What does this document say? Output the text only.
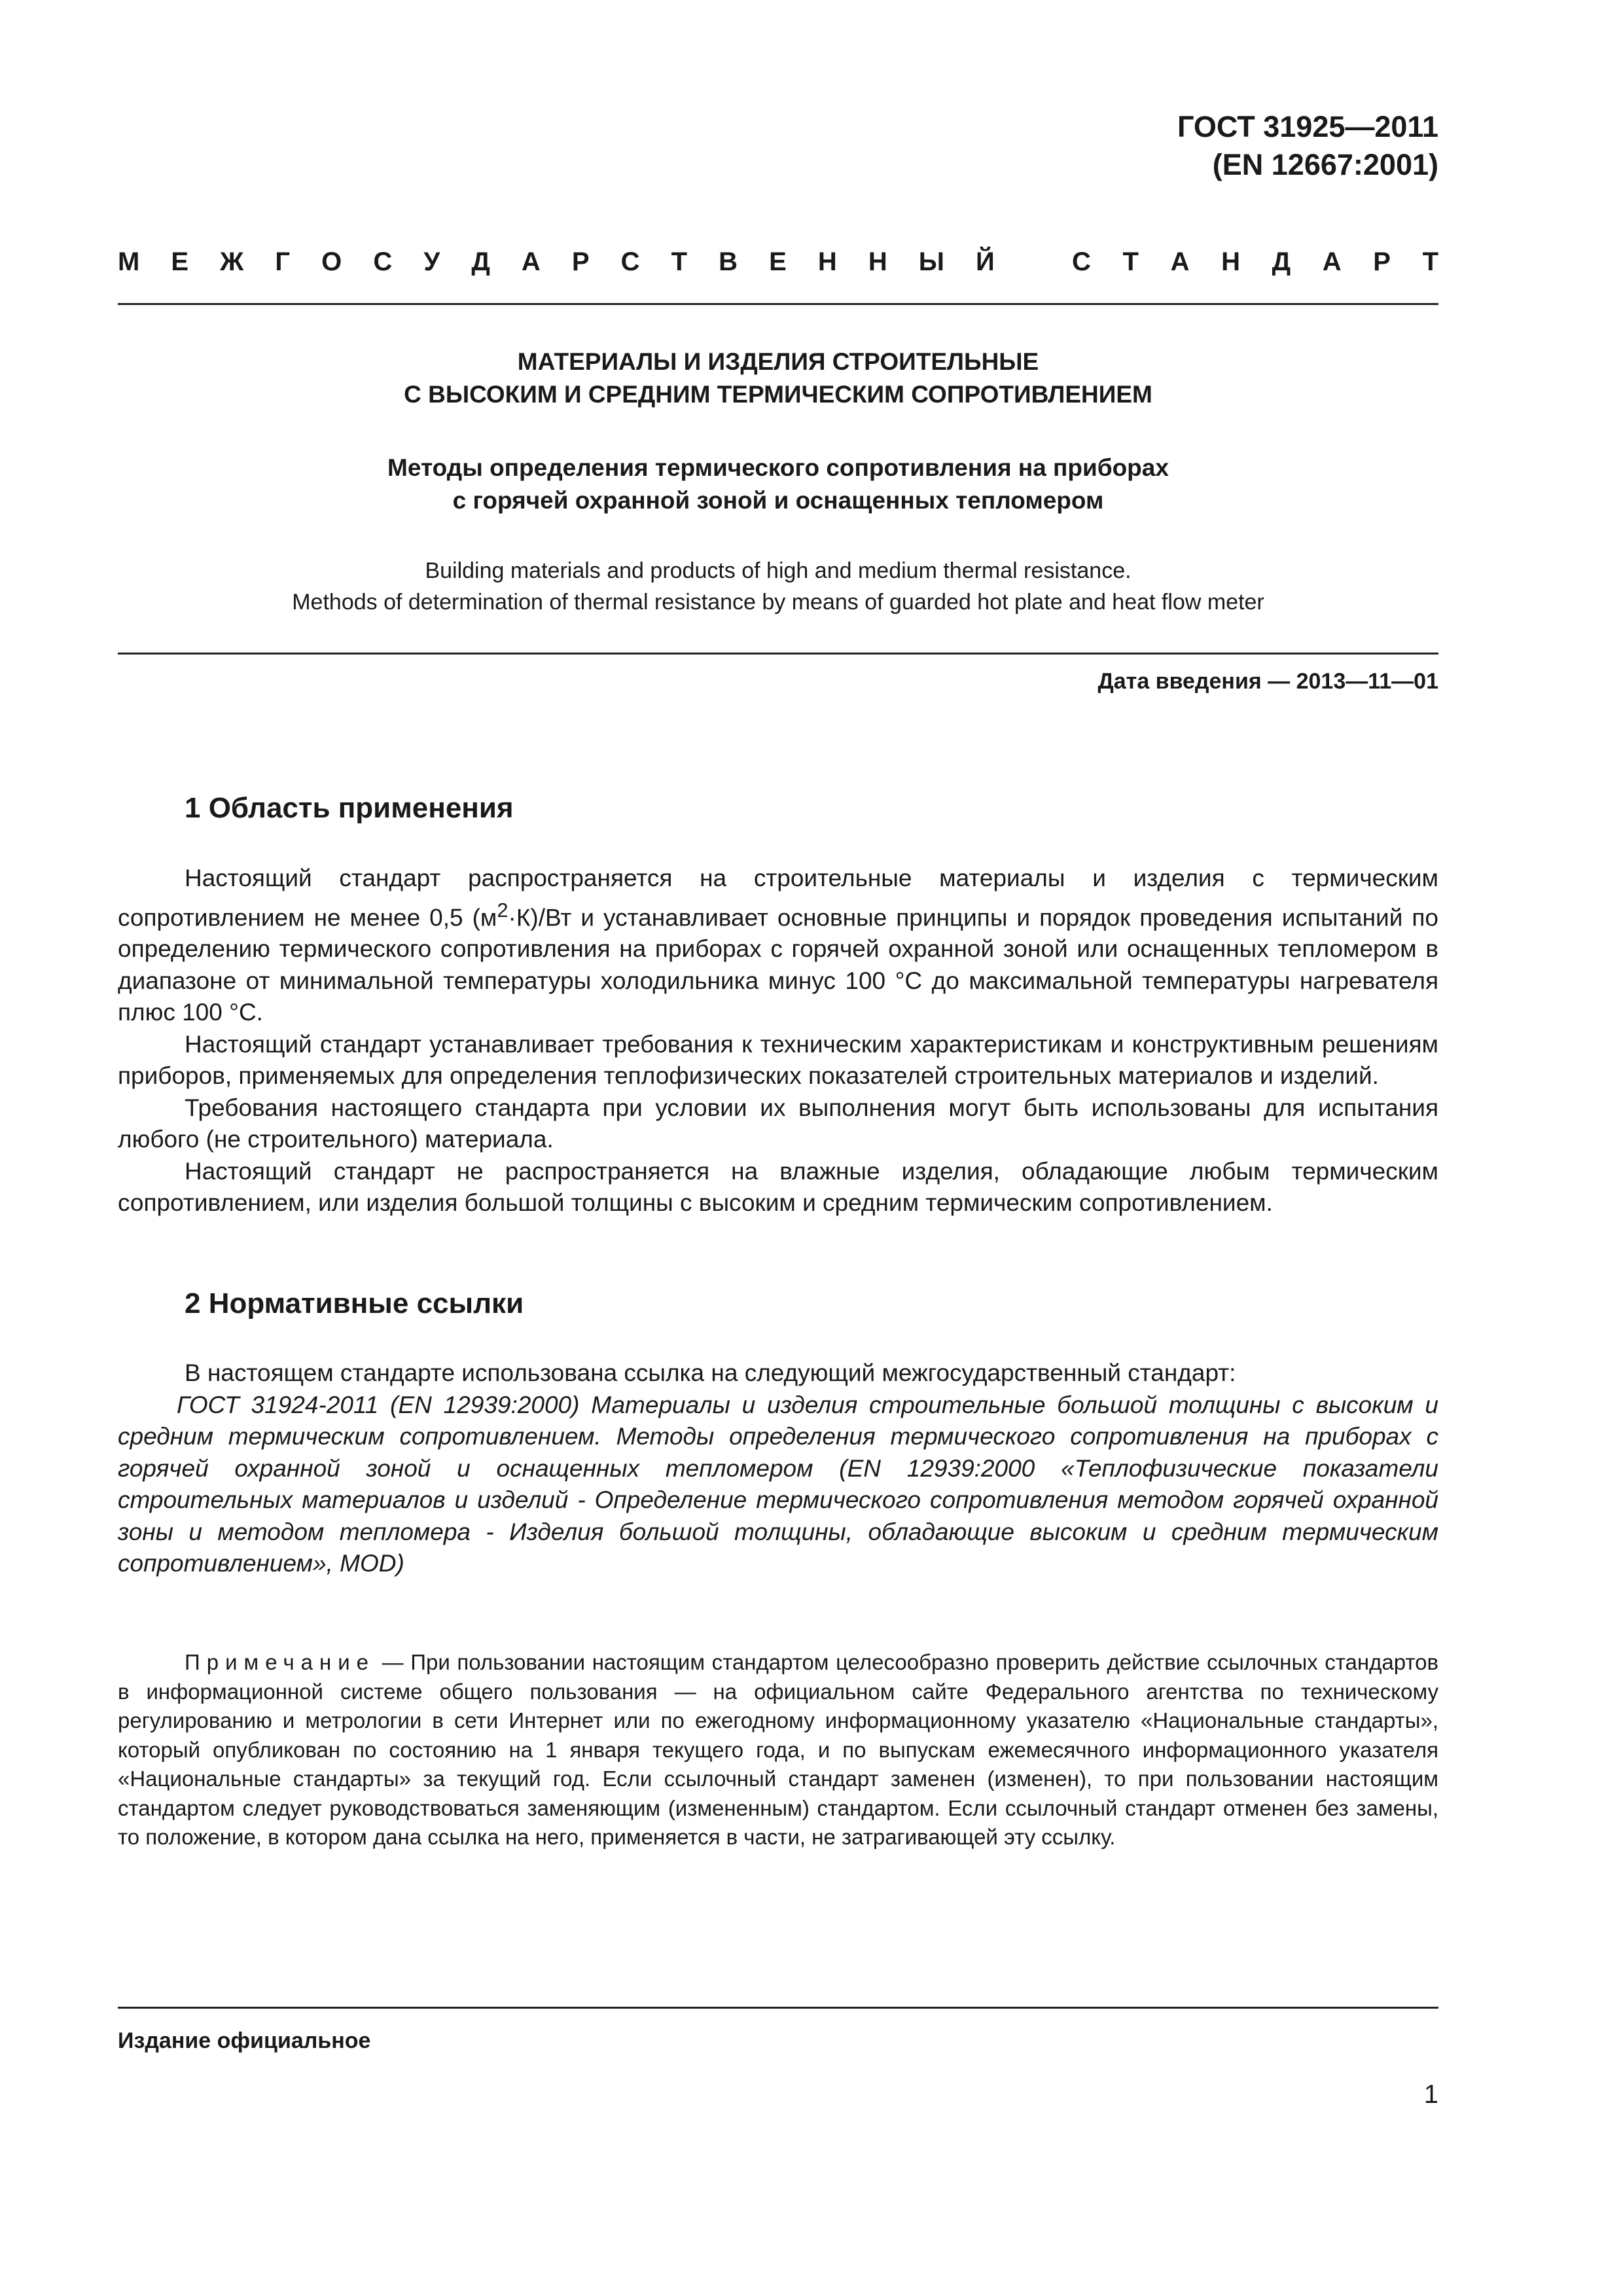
ГОСТ 31925—2011
(EN 12667:2001)
М Е Ж Г О С У Д А Р С Т В Е Н Н Ы Й	С Т А Н Д А Р Т
МАТЕРИАЛЫ И ИЗДЕЛИЯ СТРОИТЕЛЬНЫЕ
С ВЫСОКИМ И СРЕДНИМ ТЕРМИЧЕСКИМ СОПРОТИВЛЕНИЕМ
Методы определения термического сопротивления на приборах
с горячей охранной зоной и оснащенных тепломером
Building materials and products of high and medium thermal resistance.
Methods of determination of thermal resistance by means of guarded hot plate and heat flow meter
Дата введения — 2013—11—01
1 Область применения

Настоящий стандарт распространяется на строительные материалы и изделия с термическим сопротивлением не менее 0,5 $(м^2\cdot К)/Вт$ и устанавливает основные принципы и порядок проведения испытаний по определению термического сопротивления на приборах с горячей охранной зоной или оснащенных тепломером в диапазоне от минимальной температуры холодильника минус 100 °С до максимальной температуры нагревателя плюс 100 °С.

Настоящий стандарт устанавливает требования к техническим характеристикам и конструктивным решениям приборов, применяемых для определения теплофизических показателей строительных материалов и изделий.

Требования настоящего стандарта при условии их выполнения могут быть использованы для испытания любого (не строительного) материала.

Настоящий стандарт не распространяется на влажные изделия, обладающие любым термическим сопротивлением, или изделия большой толщины с высоким и средним термическим сопротивлением.

2 Нормативные ссылки

В настоящем стандарте использована ссылка на следующий межгосударственный стандарт:

ГОСТ 31924-2011 (EN 12939:2000) Материалы и изделия строительные большой толщины с высоким и средним термическим сопротивлением. Методы определения термического сопротивления на приборах с горячей охранной зоной и оснащенных тепломером (EN 12939:2000 «Теплофизические показатели строительных материалов и изделий - Определение термического сопротивления методом горячей охранной зоны и методом тепломера - Изделия большой толщины, обладающие высоким и средним термическим сопротивлением», MOD)

Примечание — При пользовании настоящим стандартом целесообразно проверить действие ссылочных стандартов в информационной системе общего пользования — на официальном сайте Федерального агентства по техническому регулированию и метрологии в сети Интернет или по ежегодному информационному указателю «Национальные стандарты», который опубликован по состоянию на 1 января текущего года, и по выпускам ежемесячного информационного указателя «Национальные стандарты» за текущий год. Если ссылочный стандарт заменен (изменен), то при пользовании настоящим стандартом следует руководствоваться заменяющим (измененным) стандартом. Если ссылочный стандарт отменен без замены, то положение, в котором дана ссылка на него, применяется в части, не затрагивающей эту ссылку.

Издание официальное
1
